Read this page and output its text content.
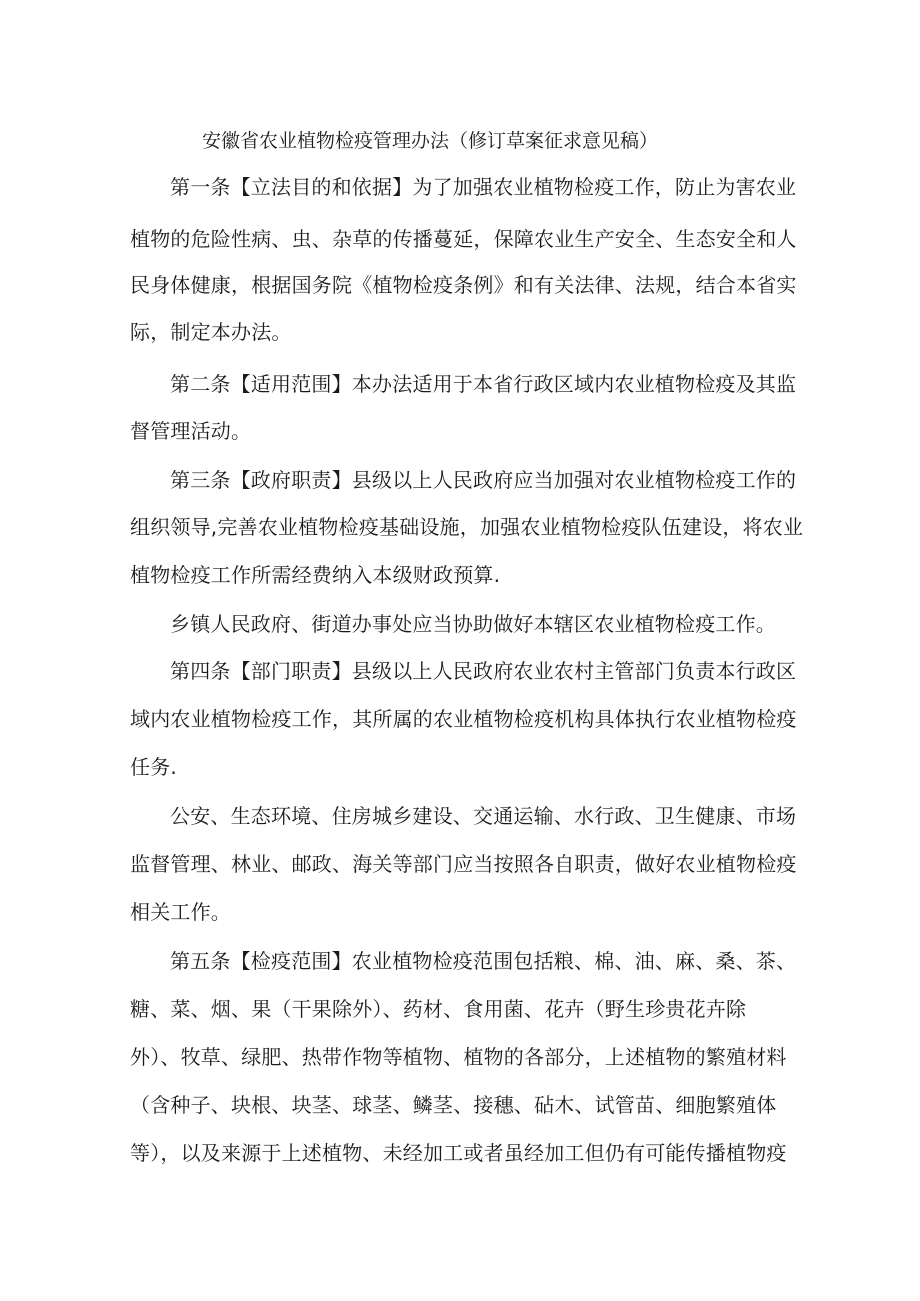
安徽省农业植物检疫管理办法（修订草案征求意见稿）
第一条【立法目的和依据】为了加强农业植物检疫工作，防止为害农业
植物的危险性病、虫、杂草的传播蔓延，保障农业生产安全、生态安全和人
民身体健康，根据国务院《植物检疫条例》和有关法律、法规，结合本省实
际，制定本办法。
第二条【适用范围】本办法适用于本省行政区域内农业植物检疫及其监
督管理活动。
第三条【政府职责】县级以上人民政府应当加强对农业植物检疫工作的
组织领导,完善农业植物检疫基础设施，加强农业植物检疫队伍建设，将农业
植物检疫工作所需经费纳入本级财政预算.
乡镇人民政府、街道办事处应当协助做好本辖区农业植物检疫工作。
第四条【部门职责】县级以上人民政府农业农村主管部门负责本行政区
域内农业植物检疫工作，其所属的农业植物检疫机构具体执行农业植物检疫
任务.
公安、生态环境、住房城乡建设、交通运输、水行政、卫生健康、市场
监督管理、林业、邮政、海关等部门应当按照各自职责，做好农业植物检疫
相关工作。
第五条【检疫范围】农业植物检疫范围包括粮、棉、油、麻、桑、茶、
糖、菜、烟、果（干果除外）、药材、食用菌、花卉（野生珍贵花卉除
外）、牧草、绿肥、热带作物等植物、植物的各部分，上述植物的繁殖材料
（含种子、块根、块茎、球茎、鳞茎、接穗、砧木、试管苗、细胞繁殖体
等），以及来源于上述植物、未经加工或者虽经加工但仍有可能传播植物疫
